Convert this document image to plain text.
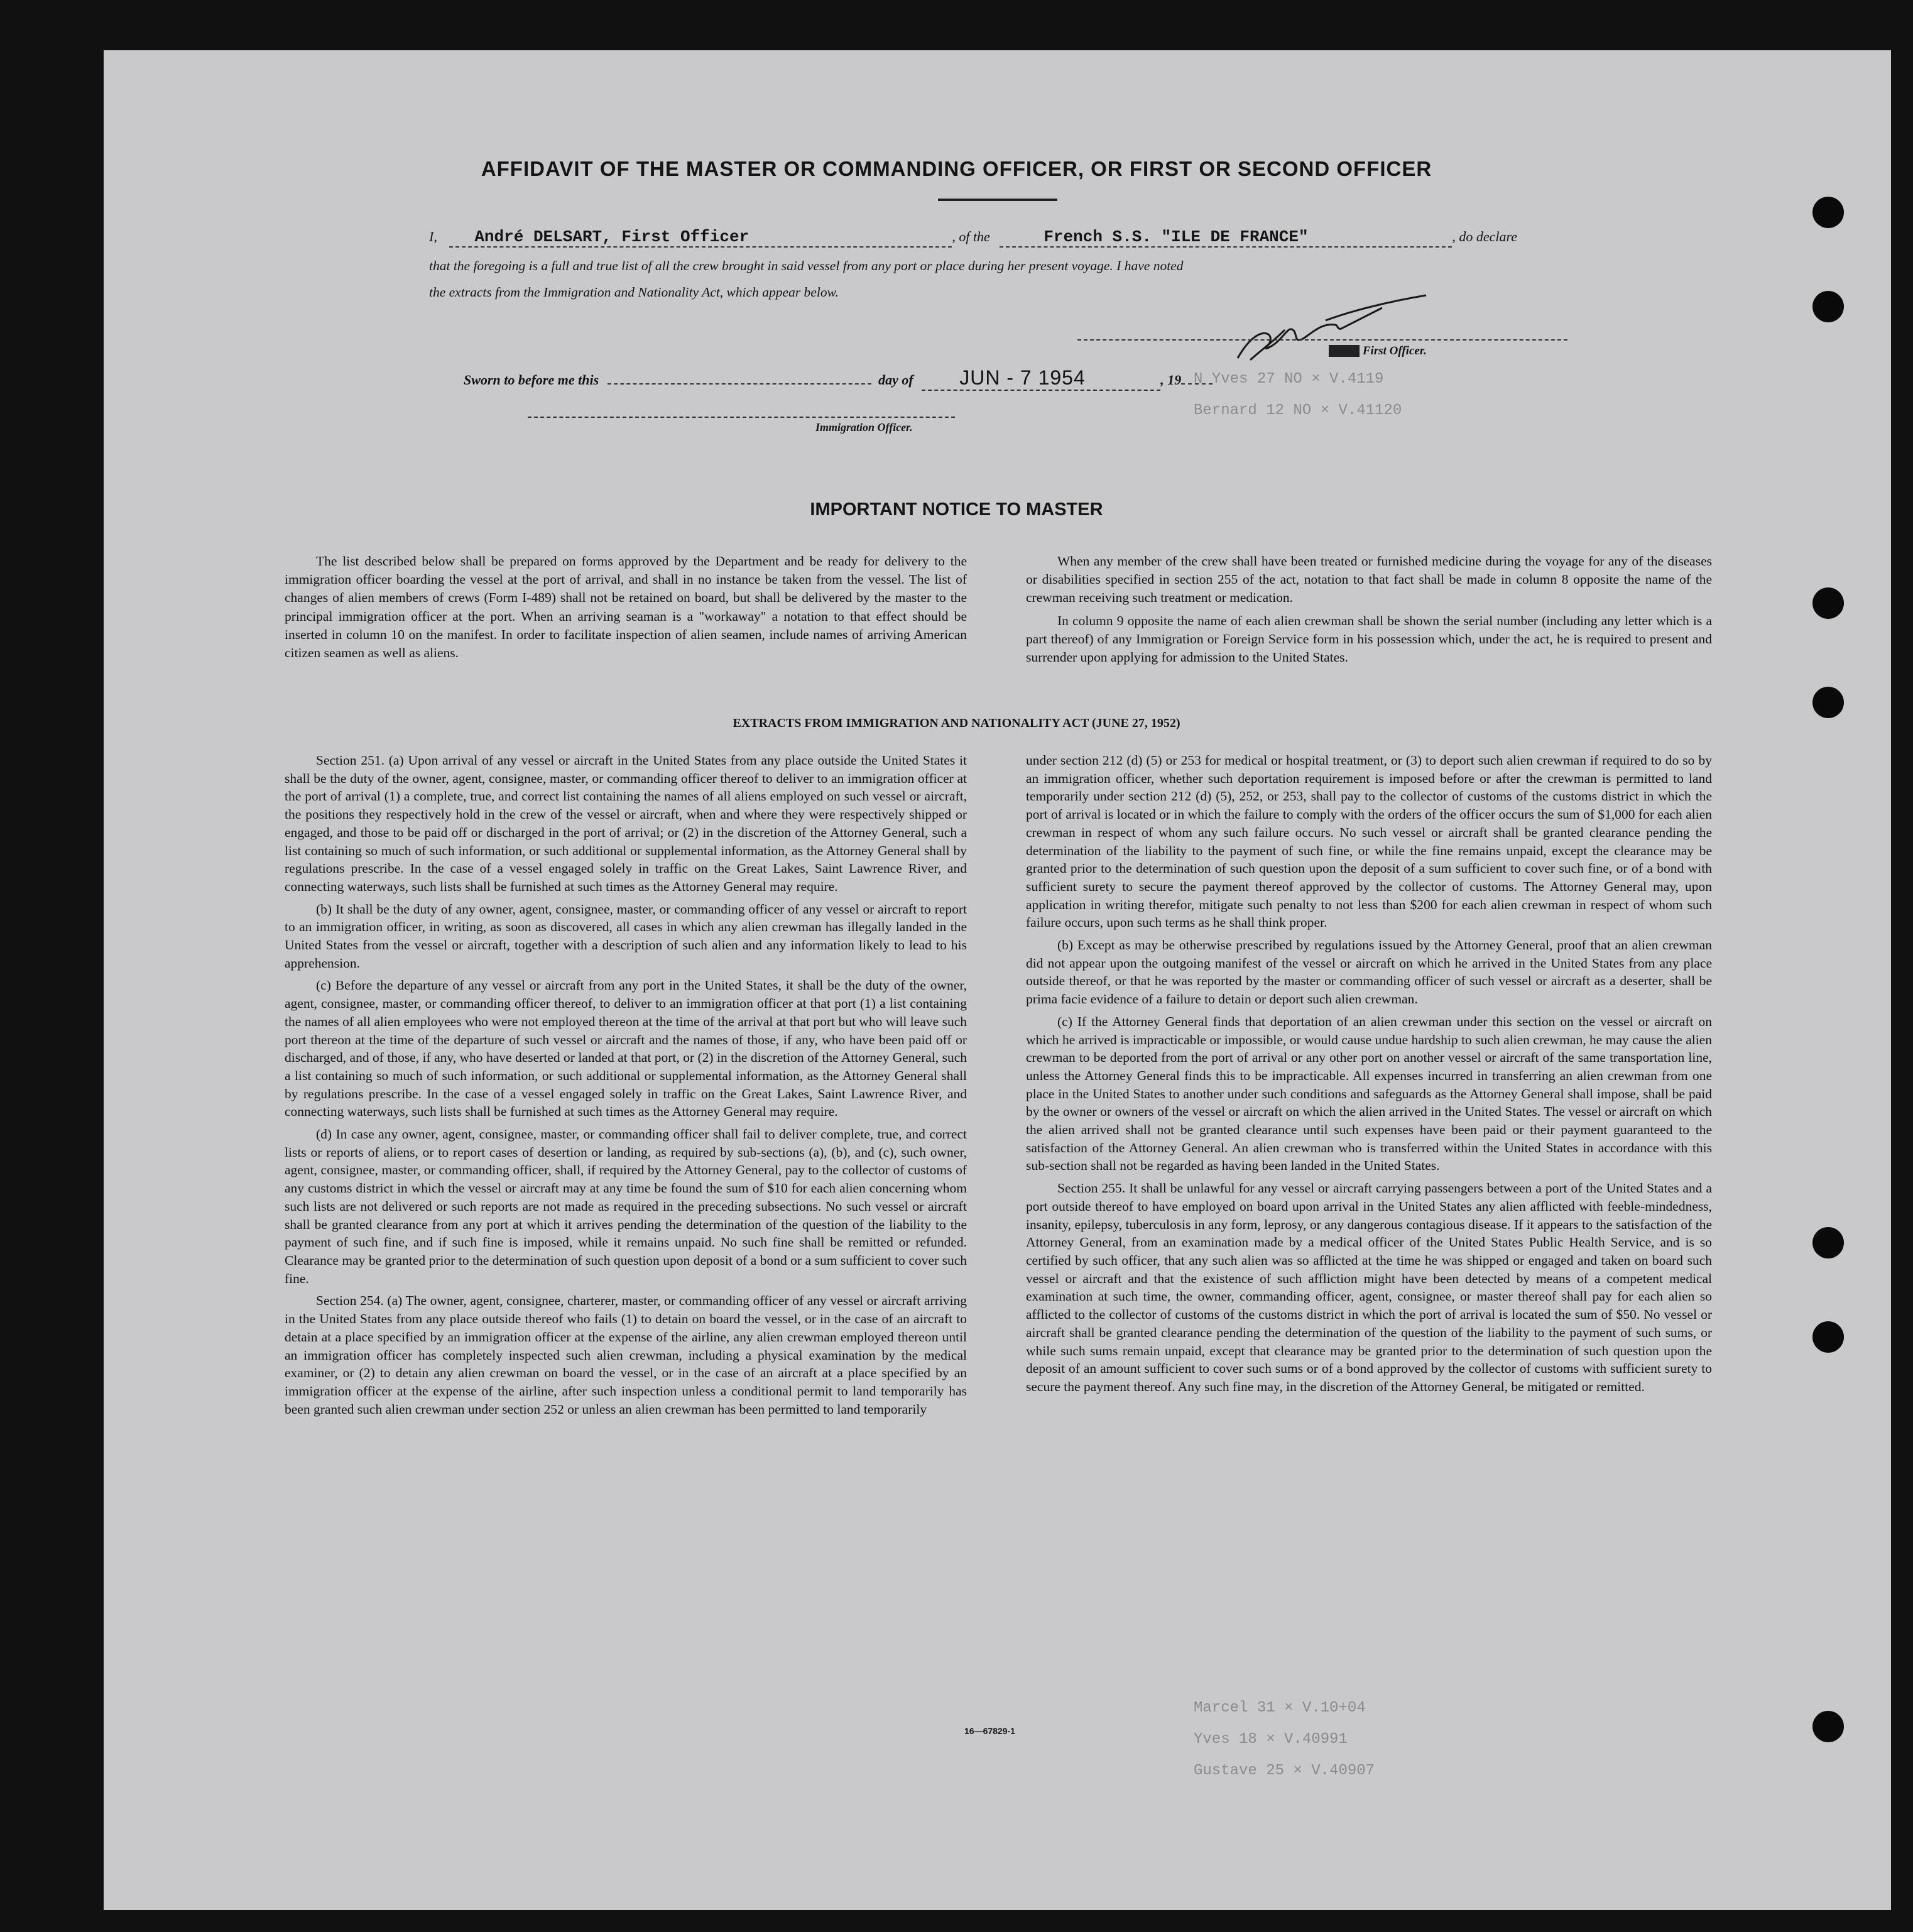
N Yves 27 NO × V.4119
Bernard 12 NO × V.41120
Marcel 31 × V.10+04
Yves 18 × V.40991
Gustave 25 × V.40907
AFFIDAVIT OF THE MASTER OR COMMANDING OFFICER, OR FIRST OR SECOND OFFICER
I, André DELSART, First Officer	, of the	French S.S. "ILE DE FRANCE"	, do declare
that the foregoing is a full and true list of all the crew brought in said vessel from any port or place during her present voyage. I have noted
the extracts from the Immigration and Nationality Act, which appear below.
Master First Officer.
Sworn to before me this	day of JUN - 7 1954	, 19
Immigration Officer.
IMPORTANT NOTICE TO MASTER

The list described below shall be prepared on forms approved by the Department and be ready for delivery to the immigration officer boarding the vessel at the port of arrival, and shall in no instance be taken from the vessel. The list of changes of alien members of crews (Form I-489) shall not be retained on board, but shall be delivered by the master to the principal immigration officer at the port. When an arriving seaman is a "workaway" a notation to that effect should be inserted in column 10 on the manifest. In order to facilitate inspection of alien seamen, include names of arriving American citizen seamen as well as aliens.

When any member of the crew shall have been treated or furnished medicine during the voyage for any of the diseases or disabilities specified in section 255 of the act, notation to that fact shall be made in column 8 opposite the name of the crewman receiving such treatment or medication.

In column 9 opposite the name of each alien crewman shall be shown the serial number (including any letter which is a part thereof) of any Immigration or Foreign Service form in his possession which, under the act, he is required to present and surrender upon applying for admission to the United States.

EXTRACTS FROM IMMIGRATION AND NATIONALITY ACT (JUNE 27, 1952)

Section 251. (a) Upon arrival of any vessel or aircraft in the United States from any place outside the United States it shall be the duty of the owner, agent, consignee, master, or commanding officer thereof to deliver to an immigration officer at the port of arrival (1) a complete, true, and correct list containing the names of all aliens employed on such vessel or aircraft, the positions they respectively hold in the crew of the vessel or aircraft, when and where they were respectively shipped or engaged, and those to be paid off or discharged in the port of arrival; or (2) in the discretion of the Attorney General, such a list containing so much of such information, or such additional or supplemental information, as the Attorney General shall by regulations prescribe. In the case of a vessel engaged solely in traffic on the Great Lakes, Saint Lawrence River, and connecting waterways, such lists shall be furnished at such times as the Attorney General may require.

(b) It shall be the duty of any owner, agent, consignee, master, or commanding officer of any vessel or aircraft to report to an immigration officer, in writing, as soon as discovered, all cases in which any alien crewman has illegally landed in the United States from the vessel or aircraft, together with a description of such alien and any information likely to lead to his apprehension.

(c) Before the departure of any vessel or aircraft from any port in the United States, it shall be the duty of the owner, agent, consignee, master, or commanding officer thereof, to deliver to an immigration officer at that port (1) a list containing the names of all alien employees who were not employed thereon at the time of the arrival at that port but who will leave such port thereon at the time of the departure of such vessel or aircraft and the names of those, if any, who have been paid off or discharged, and of those, if any, who have deserted or landed at that port, or (2) in the discretion of the Attorney General, such a list containing so much of such information, or such additional or supplemental information, as the Attorney General shall by regulations prescribe. In the case of a vessel engaged solely in traffic on the Great Lakes, Saint Lawrence River, and connecting waterways, such lists shall be furnished at such times as the Attorney General may require.

(d) In case any owner, agent, consignee, master, or commanding officer shall fail to deliver complete, true, and correct lists or reports of aliens, or to report cases of desertion or landing, as required by sub-sections (a), (b), and (c), such owner, agent, consignee, master, or commanding officer, shall, if required by the Attorney General, pay to the collector of customs of any customs district in which the vessel or aircraft may at any time be found the sum of $10 for each alien concerning whom such lists are not delivered or such reports are not made as required in the preceding subsections. No such vessel or aircraft shall be granted clearance from any port at which it arrives pending the determination of the question of the liability to the payment of such fine, and if such fine is imposed, while it remains unpaid. No such fine shall be remitted or refunded. Clearance may be granted prior to the determination of such question upon deposit of a bond or a sum sufficient to cover such fine.

Section 254. (a) The owner, agent, consignee, charterer, master, or commanding officer of any vessel or aircraft arriving in the United States from any place outside thereof who fails (1) to detain on board the vessel, or in the case of an aircraft to detain at a place specified by an immigration officer at the expense of the airline, any alien crewman employed thereon until an immigration officer has completely inspected such alien crewman, including a physical examination by the medical examiner, or (2) to detain any alien crewman on board the vessel, or in the case of an aircraft at a place specified by an immigration officer at the expense of the airline, after such inspection unless a conditional permit to land temporarily has been granted such alien crewman under section 252 or unless an alien crewman has been permitted to land temporarily

under section 212 (d) (5) or 253 for medical or hospital treatment, or (3) to deport such alien crewman if required to do so by an immigration officer, whether such deportation requirement is imposed before or after the crewman is permitted to land temporarily under section 212 (d) (5), 252, or 253, shall pay to the collector of customs of the customs district in which the port of arrival is located or in which the failure to comply with the orders of the officer occurs the sum of $1,000 for each alien crewman in respect of whom any such failure occurs. No such vessel or aircraft shall be granted clearance pending the determination of the liability to the payment of such fine, or while the fine remains unpaid, except the clearance may be granted prior to the determination of such question upon the deposit of a sum sufficient to cover such fine, or of a bond with sufficient surety to secure the payment thereof approved by the collector of customs. The Attorney General may, upon application in writing therefor, mitigate such penalty to not less than $200 for each alien crewman in respect of whom such failure occurs, upon such terms as he shall think proper.

(b) Except as may be otherwise prescribed by regulations issued by the Attorney General, proof that an alien crewman did not appear upon the outgoing manifest of the vessel or aircraft on which he arrived in the United States from any place outside thereof, or that he was reported by the master or commanding officer of such vessel or aircraft as a deserter, shall be prima facie evidence of a failure to detain or deport such alien crewman.

(c) If the Attorney General finds that deportation of an alien crewman under this section on the vessel or aircraft on which he arrived is impracticable or impossible, or would cause undue hardship to such alien crewman, he may cause the alien crewman to be deported from the port of arrival or any other port on another vessel or aircraft of the same transportation line, unless the Attorney General finds this to be impracticable. All expenses incurred in transferring an alien crewman from one place in the United States to another under such conditions and safeguards as the Attorney General shall impose, shall be paid by the owner or owners of the vessel or aircraft on which the alien arrived in the United States. The vessel or aircraft on which the alien arrived shall not be granted clearance until such expenses have been paid or their payment guaranteed to the satisfaction of the Attorney General. An alien crewman who is transferred within the United States in accordance with this sub-section shall not be regarded as having been landed in the United States.

Section 255. It shall be unlawful for any vessel or aircraft carrying passengers between a port of the United States and a port outside thereof to have employed on board upon arrival in the United States any alien afflicted with feeble-mindedness, insanity, epilepsy, tuberculosis in any form, leprosy, or any dangerous contagious disease. If it appears to the satisfaction of the Attorney General, from an examination made by a medical officer of the United States Public Health Service, and is so certified by such officer, that any such alien was so afflicted at the time he was shipped or engaged and taken on board such vessel or aircraft and that the existence of such affliction might have been detected by means of a competent medical examination at such time, the owner, commanding officer, agent, consignee, or master thereof shall pay for each alien so afflicted to the collector of customs of the customs district in which the port of arrival is located the sum of $50. No vessel or aircraft shall be granted clearance pending the determination of the question of the liability to the payment of such sums, or while such sums remain unpaid, except that clearance may be granted prior to the determination of such question upon the deposit of an amount sufficient to cover such sums or of a bond approved by the collector of customs with sufficient surety to secure the payment thereof. Any such fine may, in the discretion of the Attorney General, be mitigated or remitted.

16—67829-1
